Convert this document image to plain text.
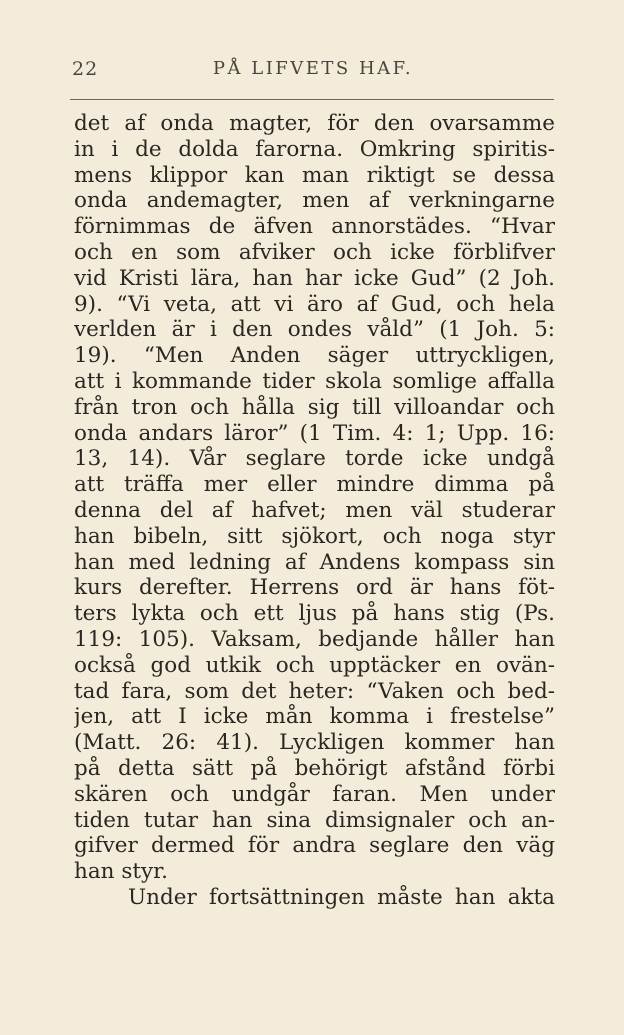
22	PÅ LIFVETS HAF.
det af onda magter, för den ovarsamme
in i de dolda farorna. Omkring spiritis-
mens klippor kan man riktigt se dessa
onda andemagter, men af verkningarne
förnimmas de äfven annorstädes. “Hvar
och en som afviker och icke förblifver
vid Kristi lära, han har icke Gud” (2 Joh.
9). “Vi veta, att vi äro af Gud, och hela
verlden är i den ondes våld” (1 Joh. 5:
19). “Men Anden säger uttryckligen,
att i kommande tider skola somlige affalla
från tron och hålla sig till villoandar och
onda andars läror” (1 Tim. 4: 1; Upp. 16:
13, 14). Vår seglare torde icke undgå
att träffa mer eller mindre dimma på
denna del af hafvet; men väl studerar
han bibeln, sitt sjökort, och noga styr
han med ledning af Andens kompass sin
kurs derefter. Herrens ord är hans föt-
ters lykta och ett ljus på hans stig (Ps.
119: 105). Vaksam, bedjande håller han
också god utkik och upptäcker en ovän-
tad fara, som det heter: “Vaken och bed-
jen, att I icke mån komma i frestelse”
(Matt. 26: 41). Lyckligen kommer han
på detta sätt på behörigt afstånd förbi
skären och undgår faran. Men under
tiden tutar han sina dimsignaler och an-
gifver dermed för andra seglare den väg
han styr.
Under fortsättningen måste han akta
